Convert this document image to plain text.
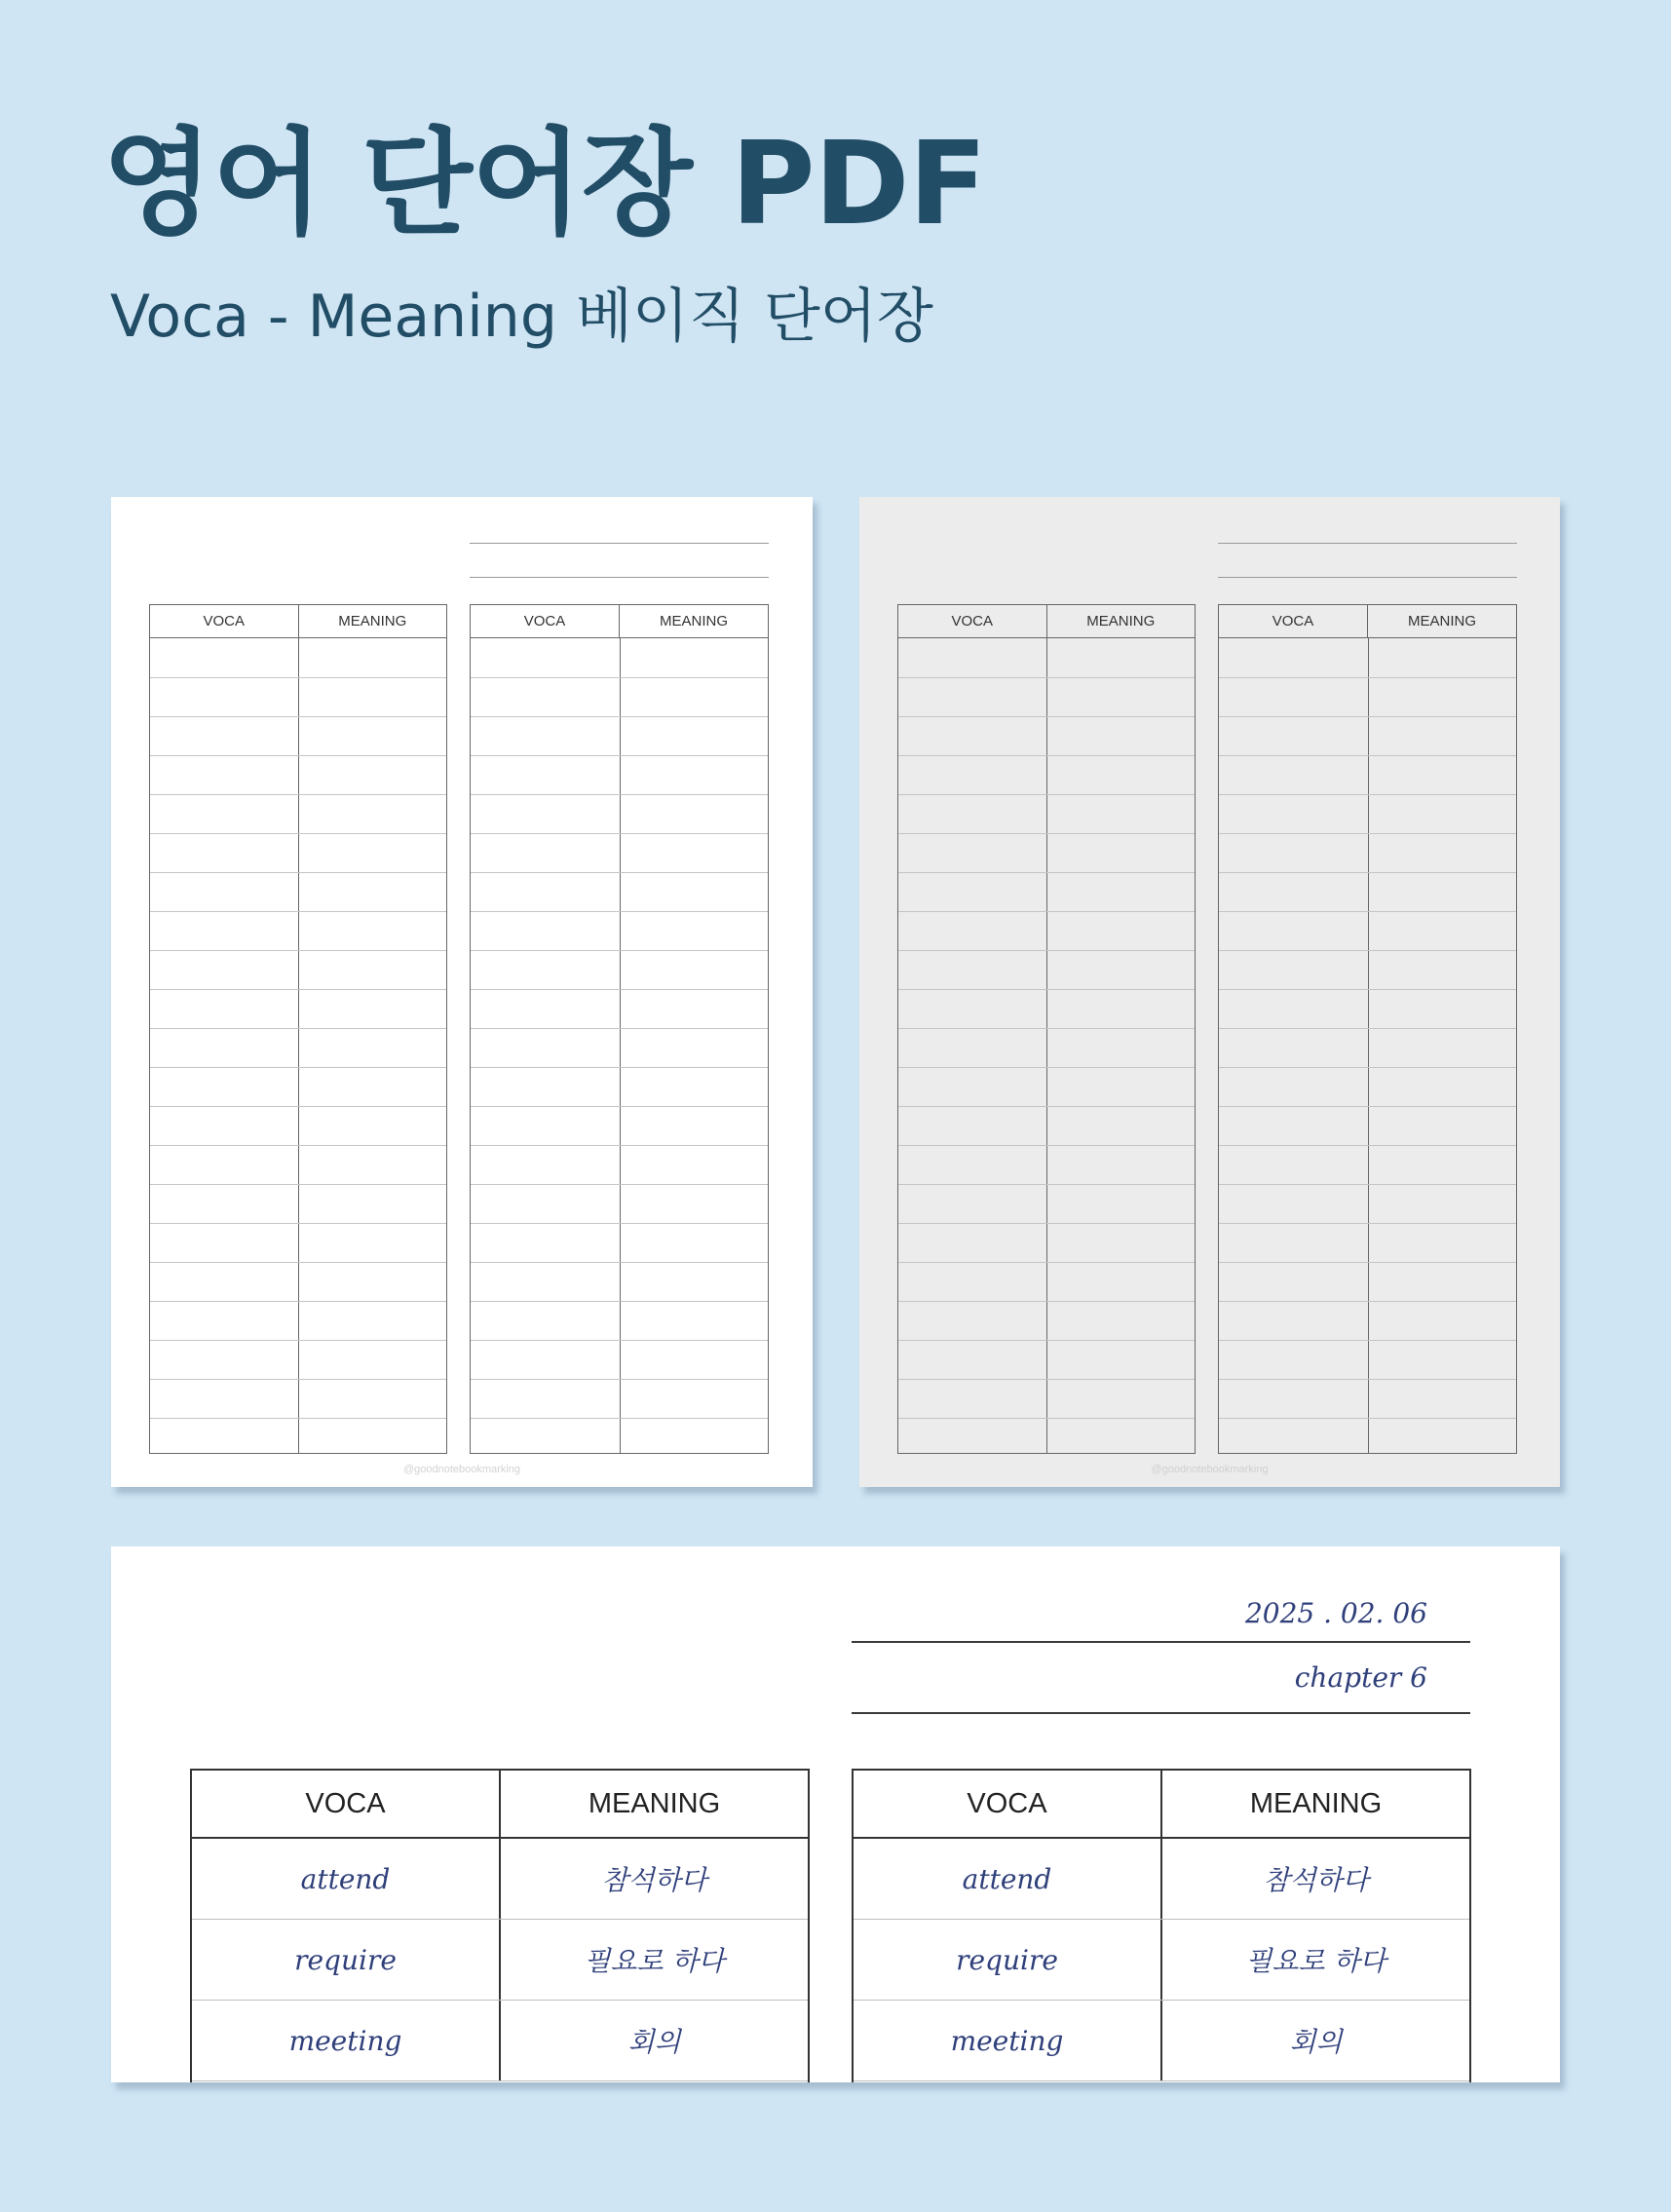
영어 단어장 PDF
Voca - Meaning 베이직 단어장
VOCA	MEANING	VOCA	MEANING
@goodnotebookmarking
VOCA	MEANING	VOCA	MEANING
@goodnotebookmarking
2025 . 02. 06
chapter 6
VOCA	MEANING
attend	참석하다
require	필요로 하다
meeting	회의
VOCA	MEANING
attend	참석하다
require	필요로 하다
meeting	회의
